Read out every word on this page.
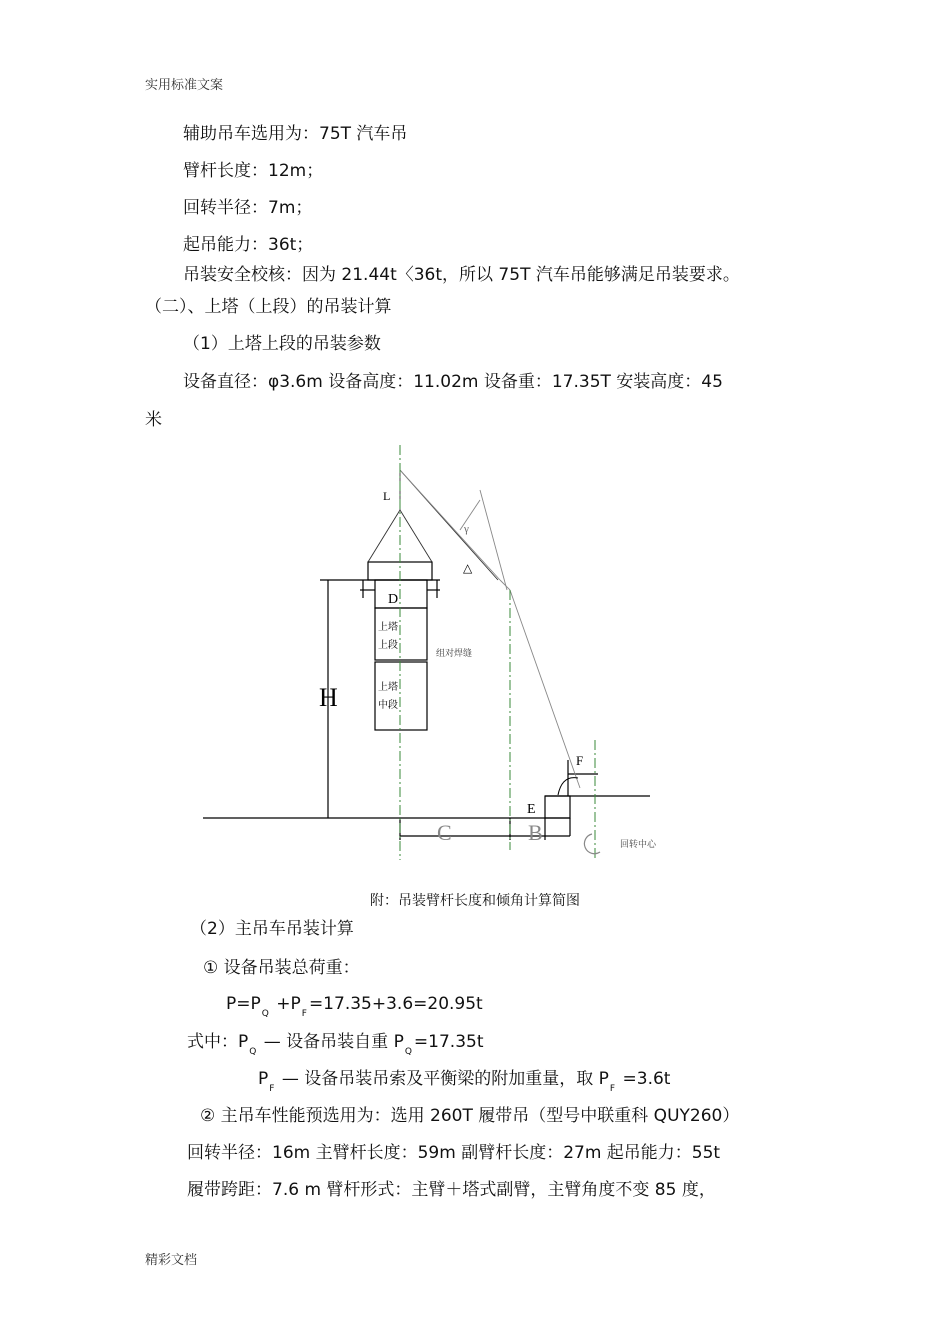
实用标准文案
辅助吊车选用为：75T 汽车吊
臂杆长度：12m；
回转半径：7m；
起吊能力：36t；
吊装安全校核：因为 21.44t〈36t，所以 75T 汽车吊能够满足吊装要求。
（二）、上塔（上段）的吊装计算
（1）上塔上段的吊装参数
设备直径：φ3.6m 设备高度：11.02m 设备重：17.35T 安装高度：45
米
L
γ
△
D
上塔
上段
上塔
中段
组对焊缝
H
F
E
C	B	回转中心
附：吊装臂杆长度和倾角计算简图
（2）主吊车吊装计算
① 设备吊装总荷重：
$P=P_Q +P_F =17.35+3.6=20.95t$
式中：$P_Q$ — 设备吊装自重 $P_Q =17.35t$
$P_F$ — 设备吊装吊索及平衡梁的附加重量，取 $P_F =3.6t$
② 主吊车性能预选用为：选用 260T 履带吊（型号中联重科 QUY260）
回转半径：16m 主臂杆长度：59m 副臂杆长度：27m 起吊能力：55t
履带跨距：7.6 m 臂杆形式：主臂＋塔式副臂，主臂角度不变 85 度，
精彩文档
